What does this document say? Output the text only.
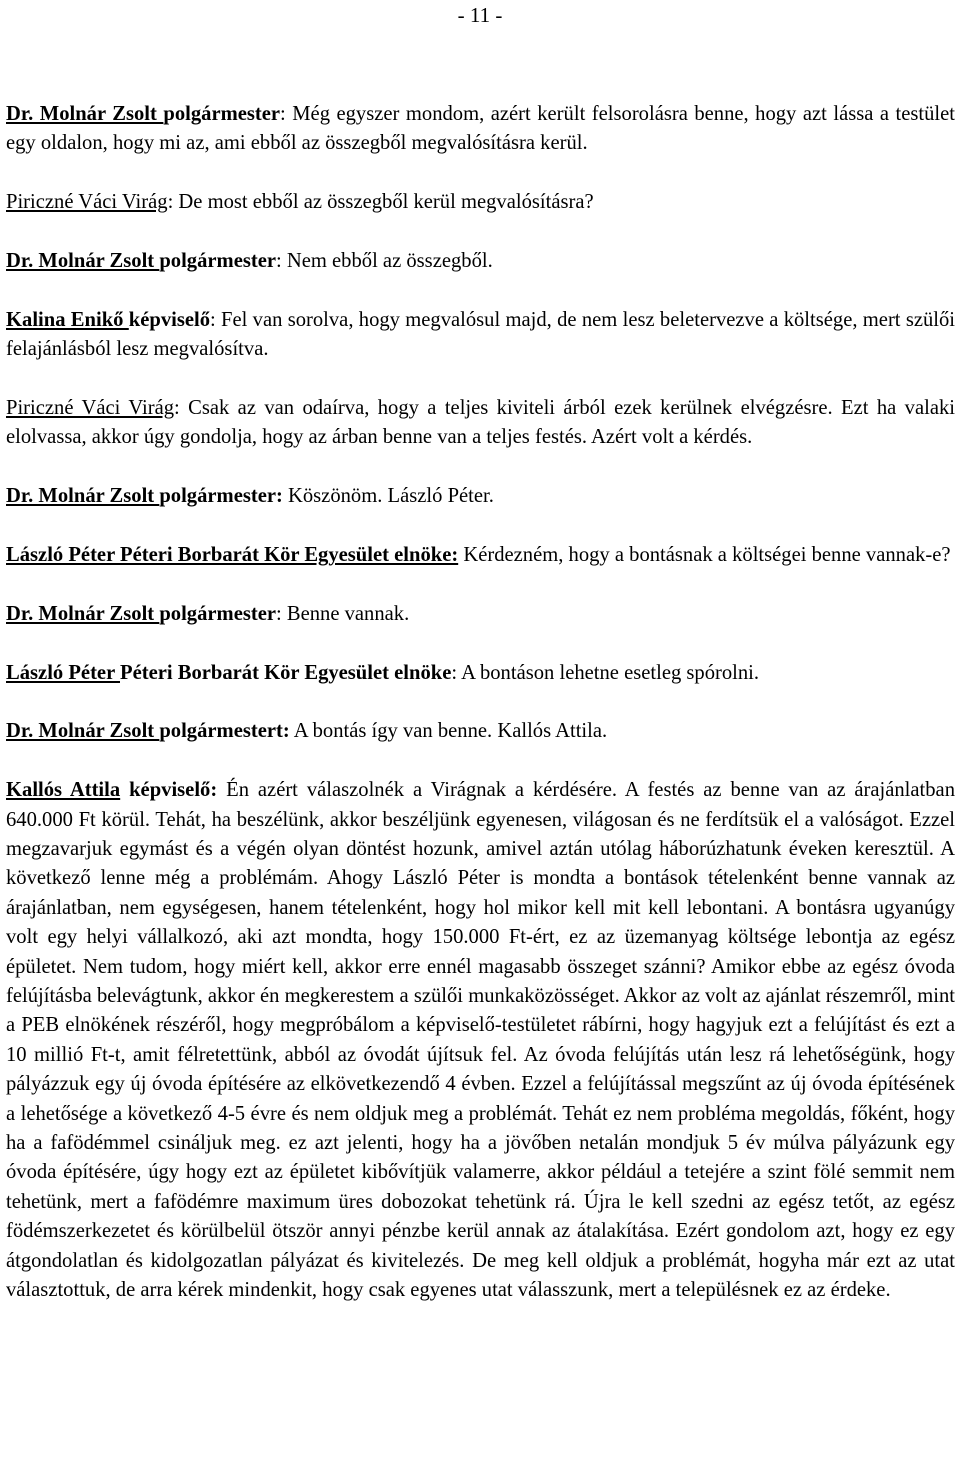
- 11 -

Dr. Molnár Zsolt polgármester: Még egyszer mondom, azért került felsorolásra benne, hogy azt lássa a testület egy oldalon, hogy mi az, ami ebből az összegből megvalósításra kerül.

Piriczné Váci Virág: De most ebből az összegből kerül megvalósításra?

Dr. Molnár Zsolt polgármester: Nem ebből az összegből.

Kalina Enikő képviselő: Fel van sorolva, hogy megvalósul majd, de nem lesz beletervezve a költsége, mert szülői felajánlásból lesz megvalósítva.

Piriczné Váci Virág: Csak az van odaírva, hogy a teljes kiviteli árból ezek kerülnek elvégzésre. Ezt ha valaki elolvassa, akkor úgy gondolja, hogy az árban benne van a teljes festés. Azért volt a kérdés.

Dr. Molnár Zsolt polgármester: Köszönöm. László Péter.

László Péter Péteri Borbarát Kör Egyesület elnöke: Kérdezném, hogy a bontásnak a költségei benne vannak-e?

Dr. Molnár Zsolt polgármester: Benne vannak.

László Péter Péteri Borbarát Kör Egyesület elnöke: A bontáson lehetne esetleg spórolni.

Dr. Molnár Zsolt polgármestert: A bontás így van benne. Kallós Attila.

Kallós Attila képviselő: Én azért válaszolnék a Virágnak a kérdésére. A festés az benne van az árajánlatban 640.000 Ft körül. Tehát, ha beszélünk, akkor beszéljünk egyenesen, világosan és ne ferdítsük el a valóságot. Ezzel megzavarjuk egymást és a végén olyan döntést hozunk, amivel aztán utólag háborúzhatunk éveken keresztül. A következő lenne még a problémám. Ahogy László Péter is mondta a bontások tételenként benne vannak az árajánlatban, nem egységesen, hanem tételenként, hogy hol mikor kell mit kell lebontani. A bontásra ugyanúgy volt egy helyi vállalkozó, aki azt mondta, hogy 150.000 Ft-ért, ez az üzemanyag költsége lebontja az egész épületet. Nem tudom, hogy miért kell, akkor erre ennél magasabb összeget szánni? Amikor ebbe az egész óvoda felújításba belevágtunk, akkor én megkerestem a szülői munkaközösséget. Akkor az volt az ajánlat részemről, mint a PEB elnökének részéről, hogy megpróbálom a képviselő-testületet rábírni, hogy hagyjuk ezt a felújítást és ezt a 10 millió Ft-t, amit félretettünk, abból az óvodát újítsuk fel. Az óvoda felújítás után lesz rá lehetőségünk, hogy pályázzuk egy új óvoda építésére az elkövetkezendő 4 évben. Ezzel a felújítással megszűnt az új óvoda építésének a lehetősége a következő 4-5 évre és nem oldjuk meg a problémát. Tehát ez nem probléma megoldás, főként, hogy ha a fafödémmel csináljuk meg. ez azt jelenti, hogy ha a jövőben netalán mondjuk 5 év múlva pályázunk egy óvoda építésére, úgy hogy ezt az épületet kibővítjük valamerre, akkor például a tetejére a szint fölé semmit nem tehetünk, mert a fafödémre maximum üres dobozokat tehetünk rá. Újra le kell szedni az egész tetőt, az egész födémszerkezetet és körülbelül ötször annyi pénzbe kerül annak az átalakítása. Ezért gondolom azt, hogy ez egy átgondolatlan és kidolgozatlan pályázat és kivitelezés. De meg kell oldjuk a problémát, hogyha már ezt az utat választottuk, de arra kérek mindenkit, hogy csak egyenes utat válasszunk, mert a településnek ez az érdeke.
